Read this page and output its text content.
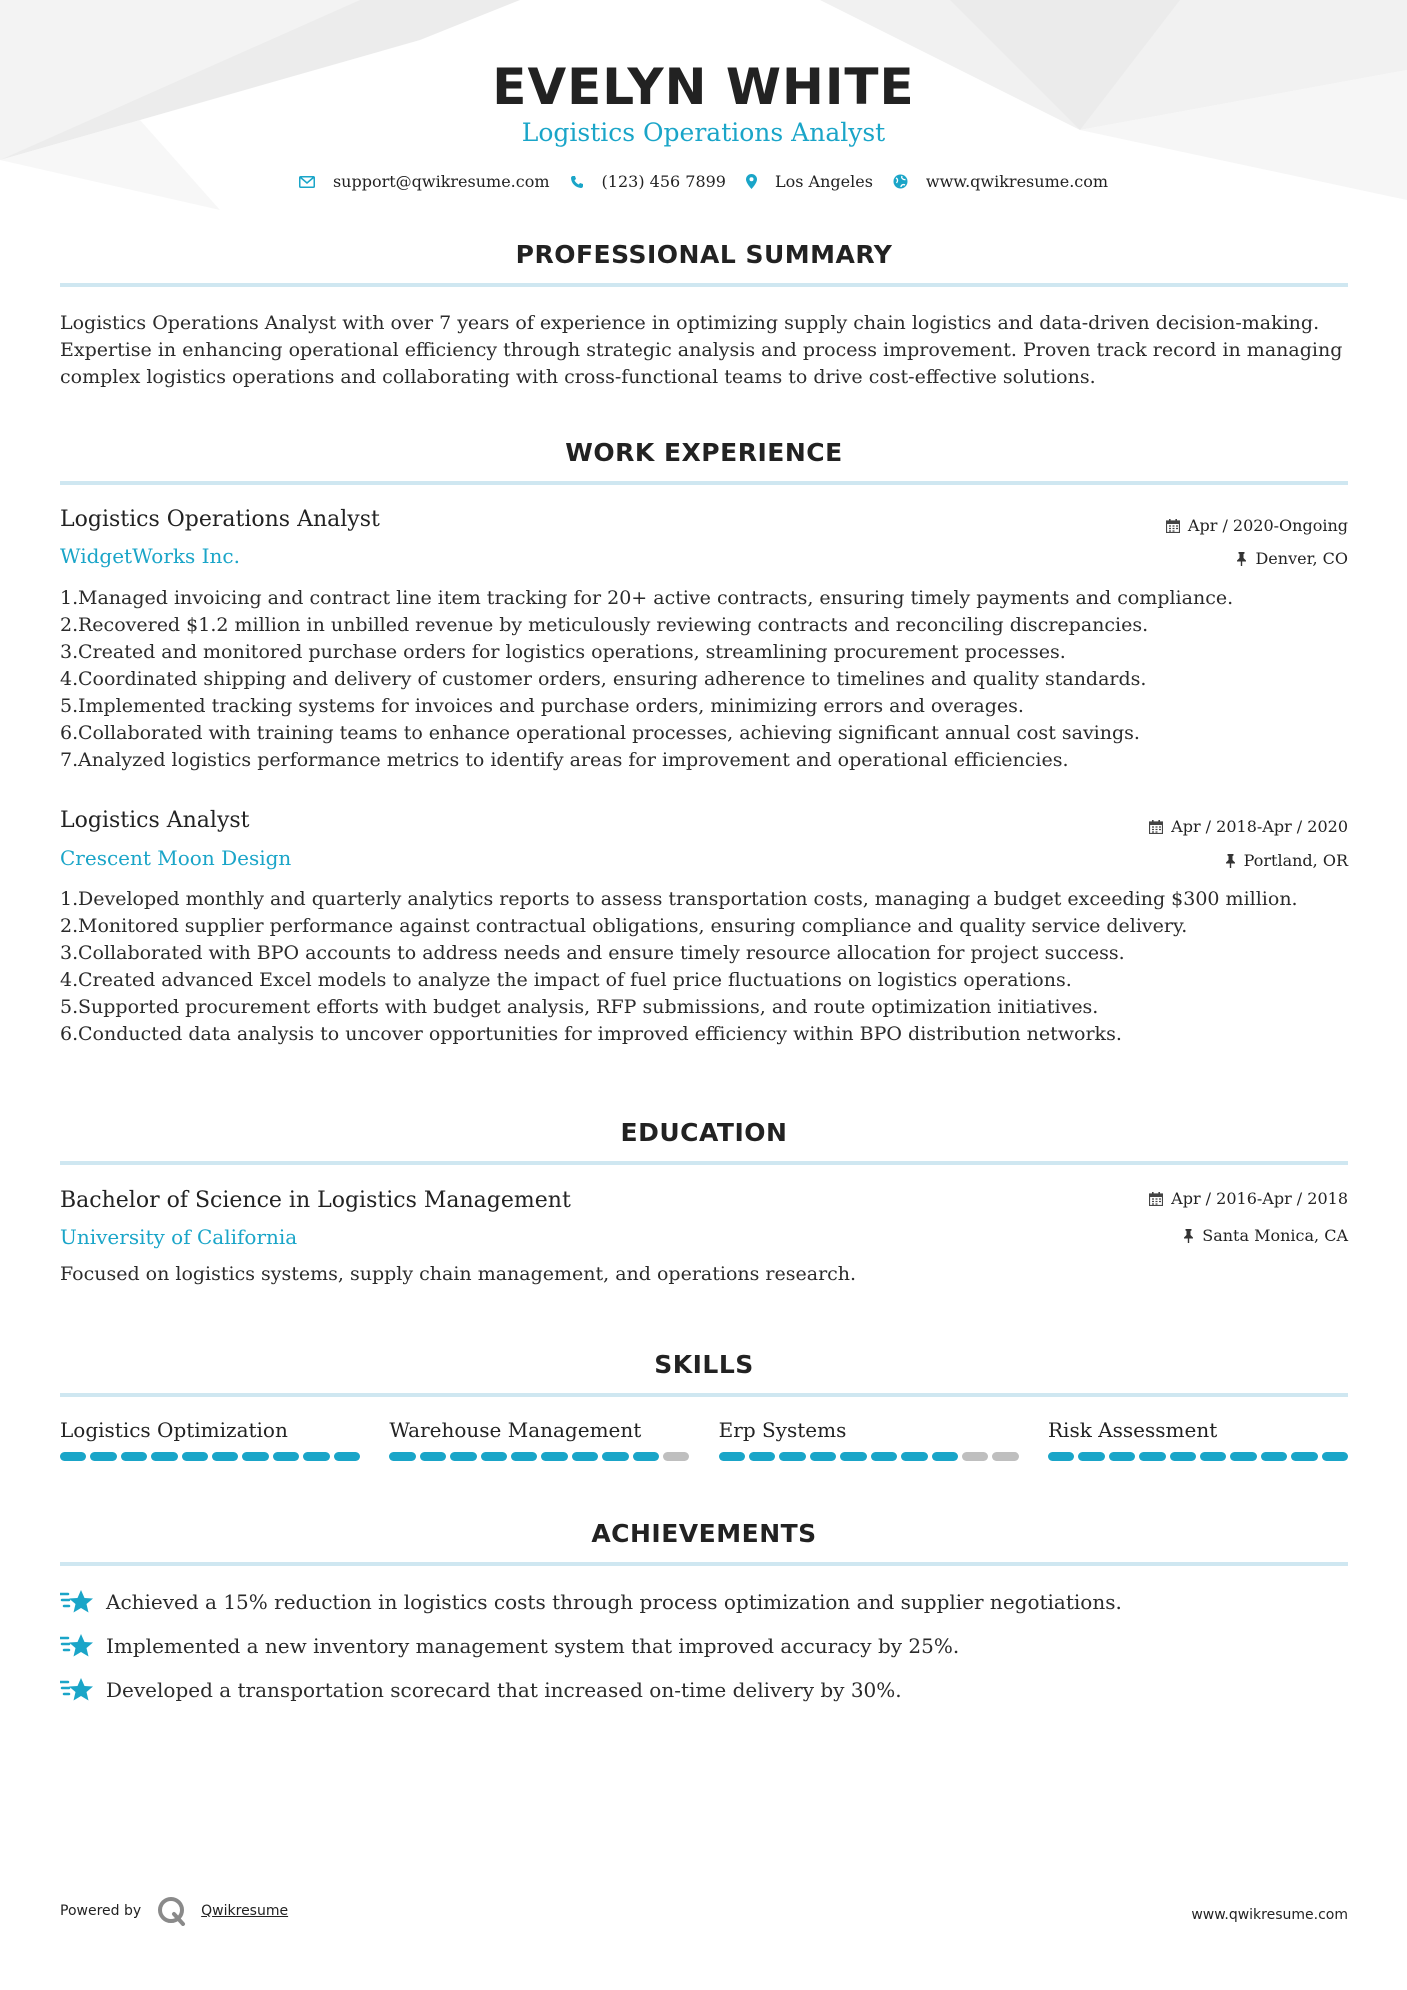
EVELYN WHITE
Logistics Operations Analyst
support@qwikresume.com	(123) 456 7899	Los Angeles	www.qwikresume.com
PROFESSIONAL SUMMARY
Logistics Operations Analyst with over 7 years of experience in optimizing supply chain logistics and data-driven decision-making. Expertise in enhancing operational efficiency through strategic analysis and process improvement. Proven track record in managing complex logistics operations and collaborating with cross-functional teams to drive cost-effective solutions.
WORK EXPERIENCE
Logistics Operations Analyst	Apr / 2020-Ongoing
WidgetWorks Inc.	Denver, CO
1. Managed invoicing and contract line item tracking for 20+ active contracts, ensuring timely payments and compliance.
2. Recovered $1.2 million in unbilled revenue by meticulously reviewing contracts and reconciling discrepancies.
3. Created and monitored purchase orders for logistics operations, streamlining procurement processes.
4. Coordinated shipping and delivery of customer orders, ensuring adherence to timelines and quality standards.
5. Implemented tracking systems for invoices and purchase orders, minimizing errors and overages.
6. Collaborated with training teams to enhance operational processes, achieving significant annual cost savings.
7. Analyzed logistics performance metrics to identify areas for improvement and operational efficiencies.
Logistics Analyst	Apr / 2018-Apr / 2020
Crescent Moon Design	Portland, OR
1. Developed monthly and quarterly analytics reports to assess transportation costs, managing a budget exceeding $300 million.
2. Monitored supplier performance against contractual obligations, ensuring compliance and quality service delivery.
3. Collaborated with BPO accounts to address needs and ensure timely resource allocation for project success.
4. Created advanced Excel models to analyze the impact of fuel price fluctuations on logistics operations.
5. Supported procurement efforts with budget analysis, RFP submissions, and route optimization initiatives.
6. Conducted data analysis to uncover opportunities for improved efficiency within BPO distribution networks.
EDUCATION
Bachelor of Science in Logistics Management	Apr / 2016-Apr / 2018
University of California	Santa Monica, CA
Focused on logistics systems, supply chain management, and operations research.
SKILLS
Logistics Optimization	Warehouse Management	Erp Systems	Risk Assessment
ACHIEVEMENTS
Achieved a 15% reduction in logistics costs through process optimization and supplier negotiations.
Implemented a new inventory management system that improved accuracy by 25%.
Developed a transportation scorecard that increased on-time delivery by 30%.
Powered by	Qwikresume	www.qwikresume.com
